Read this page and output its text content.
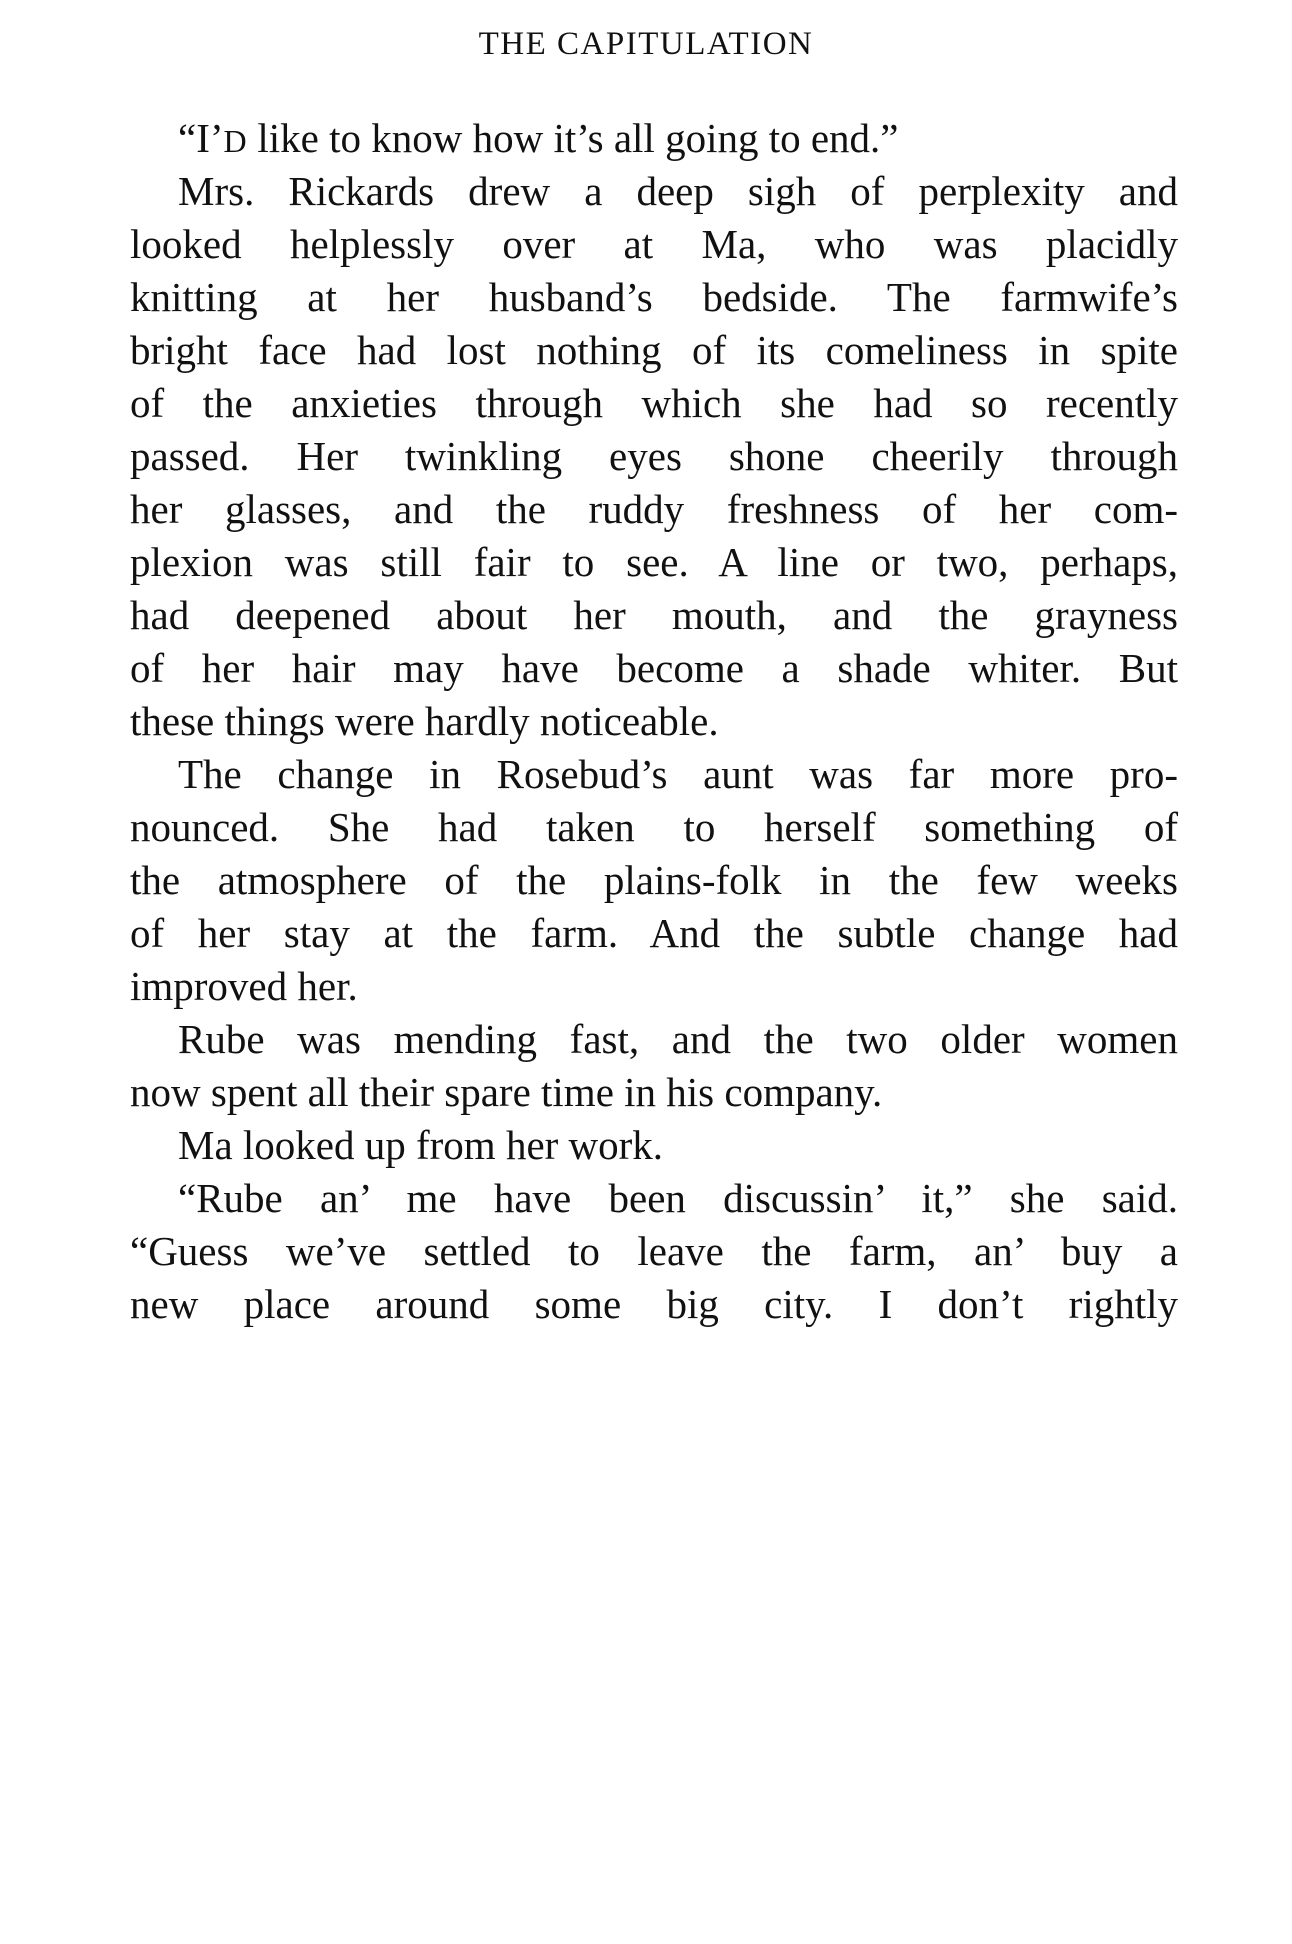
THE CAPITULATION
“I’D like to know how it’s all going to end.”
Mrs. Rickards drew a deep sigh of perplexity and
looked helplessly over at Ma, who was placidly
knitting at her husband’s bedside. The farmwife’s
bright face had lost nothing of its comeliness in spite
of the anxieties through which she had so recently
passed. Her twinkling eyes shone cheerily through
her glasses, and the ruddy freshness of her com-
plexion was still fair to see. A line or two, perhaps,
had deepened about her mouth, and the grayness
of her hair may have become a shade whiter. But
these things were hardly noticeable.
The change in Rosebud’s aunt was far more pro-
nounced. She had taken to herself something of
the atmosphere of the plains-folk in the few weeks
of her stay at the farm. And the subtle change had
improved her.
Rube was mending fast, and the two older women
now spent all their spare time in his company.
Ma looked up from her work.
“Rube an’ me have been discussin’ it,” she said.
“Guess we’ve settled to leave the farm, an’ buy a
new place around some big city. I don’t rightly
